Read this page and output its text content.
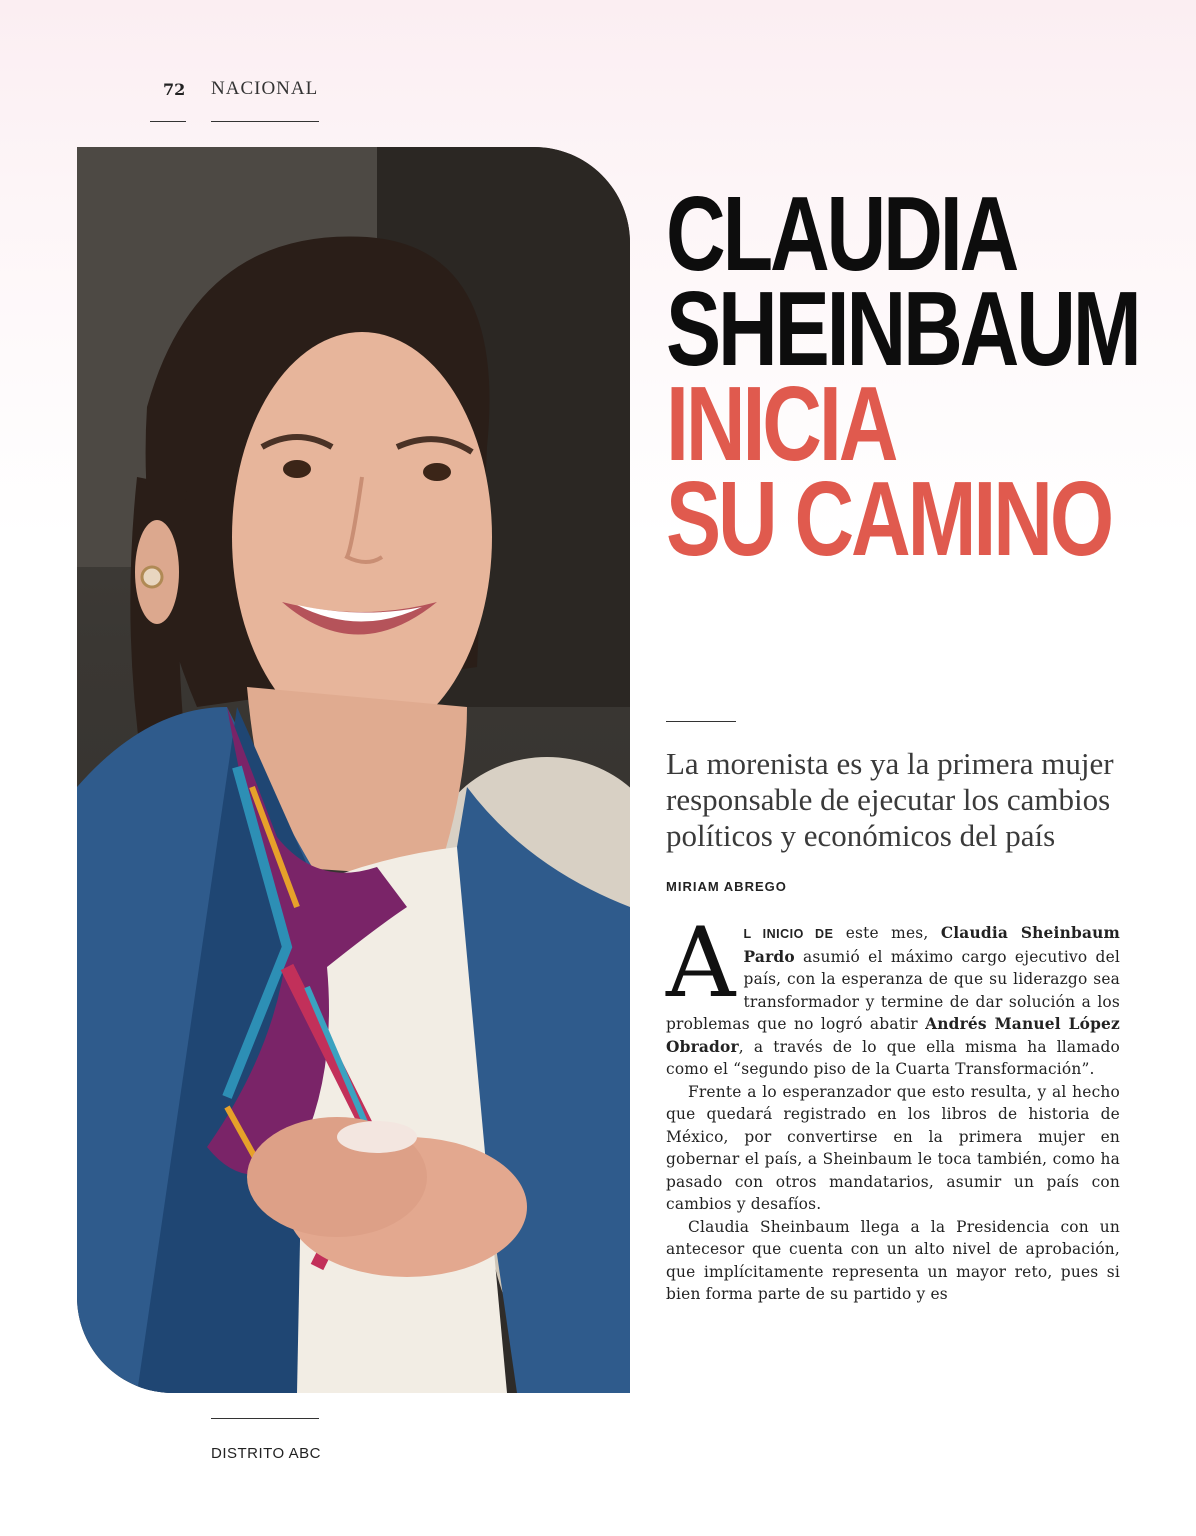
72 NACIONAL
CLAUDIA
SHEINBAUM
INICIA
SU CAMINO

La morenista es ya la primera mujer responsable de ejecutar los cambios políticos y económicos del país

MIRIAM ABREGO

AL INICIO DE este mes, Claudia Sheinbaum Pardo asumió el máximo cargo ejecutivo del país, con la esperanza de que su liderazgo sea transformador y termine de dar solución a los problemas que no logró abatir Andrés Manuel López Obrador, a través de lo que ella misma ha llamado como el “segundo piso de la Cuarta Transformación”.

Frente a lo esperanzador que esto resulta, y al hecho que quedará registrado en los libros de historia de México, por convertirse en la primera mujer en gobernar el país, a Sheinbaum le toca también, como ha pasado con otros mandatarios, asumir un país con cambios y desafíos.

Claudia Sheinbaum llega a la Presidencia con un antecesor que cuenta con un alto nivel de aprobación, que implícitamente representa un mayor reto, pues si bien forma parte de su partido y es

DISTRITO ABC
